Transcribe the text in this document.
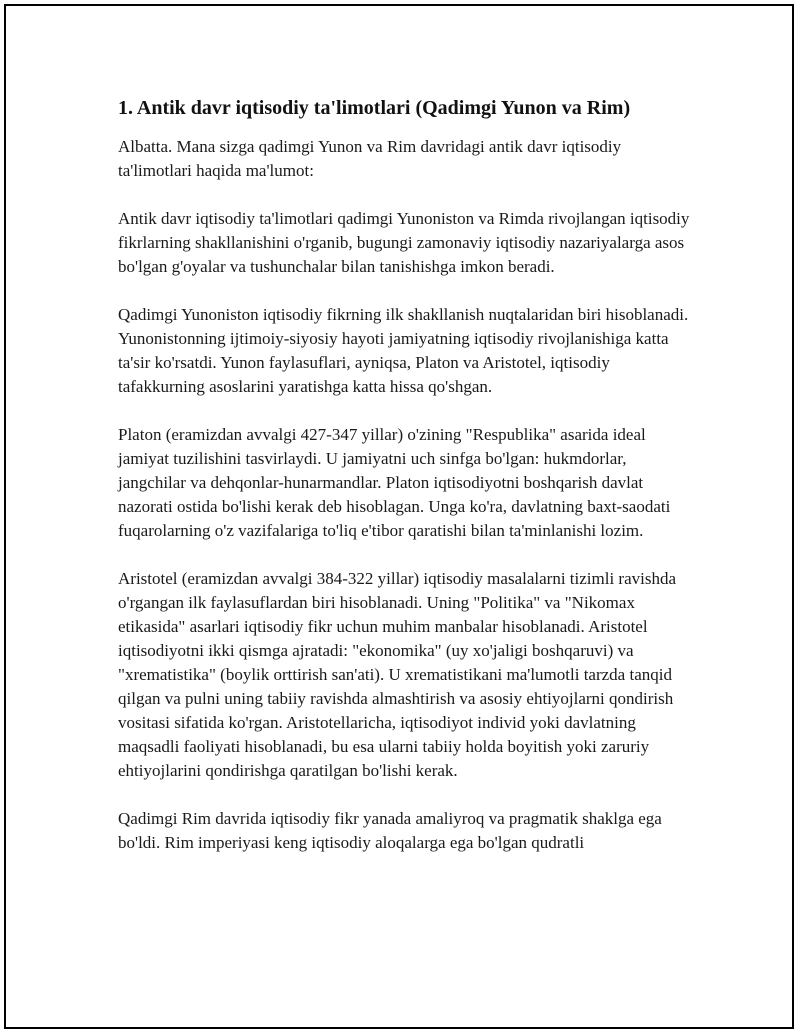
1. Antik davr iqtisodiy ta'limotlari (Qadimgi Yunon va Rim)

Albatta. Mana sizga qadimgi Yunon va Rim davridagi antik davr iqtisodiy ta'limotlari haqida ma'lumot:

Antik davr iqtisodiy ta'limotlari qadimgi Yunoniston va Rimda rivojlangan iqtisodiy fikrlarning shakllanishini o'rganib, bugungi zamonaviy iqtisodiy nazariyalarga asos bo'lgan g'oyalar va tushunchalar bilan tanishishga imkon beradi.

Qadimgi Yunoniston iqtisodiy fikrning ilk shakllanish nuqtalaridan biri hisoblanadi. Yunonistonning ijtimoiy-siyosiy hayoti jamiyatning iqtisodiy rivojlanishiga katta ta'sir ko'rsatdi. Yunon faylasuflari, ayniqsa, Platon va Aristotel, iqtisodiy tafakkurning asoslarini yaratishga katta hissa qo'shgan.

Platon (eramizdan avvalgi 427-347 yillar) o'zining "Respublika" asarida ideal jamiyat tuzilishini tasvirlaydi. U jamiyatni uch sinfga bo'lgan: hukmdorlar, jangchilar va dehqonlar-hunarmandlar. Platon iqtisodiyotni boshqarish davlat nazorati ostida bo'lishi kerak deb hisoblagan. Unga ko'ra, davlatning baxt-saodati fuqarolarning o'z vazifalariga to'liq e'tibor qaratishi bilan ta'minlanishi lozim.

Aristotel (eramizdan avvalgi 384-322 yillar) iqtisodiy masalalarni tizimli ravishda o'rgangan ilk faylasuflardan biri hisoblanadi. Uning "Politika" va "Nikomax etikasida" asarlari iqtisodiy fikr uchun muhim manbalar hisoblanadi. Aristotel iqtisodiyotni ikki qismga ajratadi: "ekonomika" (uy xo'jaligi boshqaruvi) va "xrematistika" (boylik orttirish san'ati). U xrematistikani ma'lumotli tarzda tanqid qilgan va pulni uning tabiiy ravishda almashtirish va asosiy ehtiyojlarni qondirish vositasi sifatida ko'rgan. Aristotellaricha, iqtisodiyot individ yoki davlatning maqsadli faoliyati hisoblanadi, bu esa ularni tabiiy holda boyitish yoki zaruriy ehtiyojlarini qondirishga qaratilgan bo'lishi kerak.

Qadimgi Rim davrida iqtisodiy fikr yanada amaliyroq va pragmatik shaklga ega bo'ldi. Rim imperiyasi keng iqtisodiy aloqalarga ega bo'lgan qudratli
